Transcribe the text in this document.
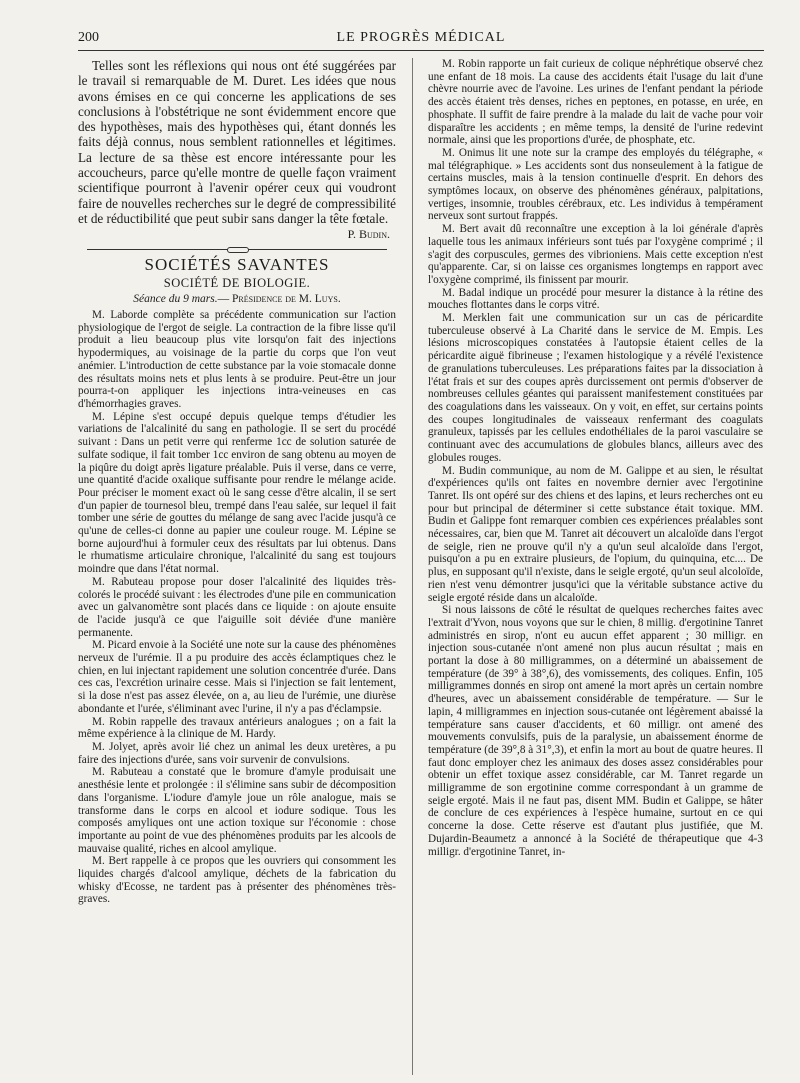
200	LE PROGRÈS MÉDICAL

Telles sont les réflexions qui nous ont été suggérées par le travail si remarquable de M. Duret. Les idées que nous avons émises en ce qui concerne les applications de ses conclusions à l'obstétrique ne sont évidemment encore que des hypothèses, mais des hypothèses qui, étant donnés les faits déjà connus, nous semblent rationnelles et légitimes. La lecture de sa thèse est encore intéressante pour les accoucheurs, parce qu'elle montre de quelle façon vraiment scientifique pourront à l'avenir opérer ceux qui voudront faire de nouvelles recherches sur le degré de compressibilité et de réductibilité que peut subir sans danger la tête fœtale.

P. Budin.
SOCIÉTÉS SAVANTES
SOCIÉTÉ DE BIOLOGIE.
Séance du 9 mars.— Présidence de M. Luys.

M. Laborde complète sa précédente communication sur l'action physiologique de l'ergot de seigle. La contraction de la fibre lisse qu'il produit a lieu beaucoup plus vite lorsqu'on fait des injections hypodermiques, au voisinage de la partie du corps que l'on veut anémier. L'introduction de cette substance par la voie stomacale donne des résultats moins nets et plus lents à se produire. Peut-être un jour pourra-t-on appliquer les injections intra-veineuses en cas d'hémorrhagies graves.

M. Lépine s'est occupé depuis quelque temps d'étudier les variations de l'alcalinité du sang en pathologie. Il se sert du procédé suivant : Dans un petit verre qui renferme 1cc de solution saturée de sulfate sodique, il fait tomber 1cc environ de sang obtenu au moyen de la piqûre du doigt après ligature préalable. Puis il verse, dans ce verre, une quantité d'acide oxalique suffisante pour rendre le mélange acide. Pour préciser le moment exact où le sang cesse d'être alcalin, il se sert d'un papier de tournesol bleu, trempé dans l'eau salée, sur lequel il fait tomber une série de gouttes du mélange de sang avec l'acide jusqu'à ce qu'une de celles-ci donne au papier une couleur rouge. M. Lépine se borne aujourd'hui à formuler ceux des résultats par lui obtenus. Dans le rhumatisme articulaire chronique, l'alcalinité du sang est toujours moindre que dans l'état normal.

M. Rabuteau propose pour doser l'alcalinité des liquides très-colorés le procédé suivant : les électrodes d'une pile en communication avec un galvanomètre sont placés dans ce liquide : on ajoute ensuite de l'acide jusqu'à ce que l'aiguille soit déviée d'une manière permanente.

M. Picard envoie à la Société une note sur la cause des phénomènes nerveux de l'urémie. Il a pu produire des accès éclamptiques chez le chien, en lui injectant rapidement une solution concentrée d'urée. Dans ces cas, l'excrétion urinaire cesse. Mais si l'injection se fait lentement, si la dose n'est pas assez élevée, on a, au lieu de l'urémie, une diurèse abondante et l'urée, s'éliminant avec l'urine, il n'y a pas d'éclampsie.

M. Robin rappelle des travaux antérieurs analogues ; on a fait la même expérience à la clinique de M. Hardy.

M. Jolyet, après avoir lié chez un animal les deux uretères, a pu faire des injections d'urée, sans voir survenir de convulsions.

M. Rabuteau a constaté que le bromure d'amyle produisait une anesthésie lente et prolongée : il s'élimine sans subir de décomposition dans l'organisme. L'iodure d'amyle joue un rôle analogue, mais se transforme dans le corps en alcool et iodure sodique. Tous les composés amyliques ont une action toxique sur l'économie : chose importante au point de vue des phénomènes produits par les alcools de mauvaise qualité, riches en alcool amylique.

M. Bert rappelle à ce propos que les ouvriers qui consomment les liquides chargés d'alcool amylique, déchets de la fabrication du whisky d'Ecosse, ne tardent pas à présenter des phénomènes très-graves.

M. Robin rapporte un fait curieux de colique néphrétique observé chez une enfant de 18 mois. La cause des accidents était l'usage du lait d'une chèvre nourrie avec de l'avoine. Les urines de l'enfant pendant la période des accès étaient très denses, riches en peptones, en potasse, en urée, en phosphate. Il suffit de faire prendre à la malade du lait de vache pour voir disparaître les accidents ; en même temps, la densité de l'urine redevint normale, ainsi que les proportions d'urée, de phosphate, etc.

M. Onimus lit une note sur la crampe des employés du télégraphe, « mal télégraphique. » Les accidents sont dus nonseulement à la fatigue de certains muscles, mais à la tension continuelle d'esprit. En dehors des symptômes locaux, on observe des phénomènes généraux, palpitations, vertiges, insomnie, troubles cérébraux, etc. Les individus à tempérament nerveux sont surtout frappés.

M. Bert avait dû reconnaître une exception à la loi générale d'après laquelle tous les animaux inférieurs sont tués par l'oxygène comprimé ; il s'agit des corpuscules, germes des vibrioniens. Mais cette exception n'est qu'apparente. Car, si on laisse ces organismes longtemps en rapport avec l'oxygène comprimé, ils finissent par mourir.

M. Badal indique un procédé pour mesurer la distance à la rétine des mouches flottantes dans le corps vitré.

M. Merklen fait une communication sur un cas de péricardite tuberculeuse observé à La Charité dans le service de M. Empis. Les lésions microscopiques constatées à l'autopsie étaient celles de la péricardite aiguë fibrineuse ; l'examen histologique y a révélé l'existence de granulations tuberculeuses. Les préparations faites par la dissociation à l'état frais et sur des coupes après durcissement ont permis d'observer de nombreuses cellules géantes qui paraissent manifestement constituées par des coagulations dans les vaisseaux. On y voit, en effet, sur certains points des coupes longitudinales de vaisseaux renfermant des coagulats granuleux, tapissés par les cellules endothéliales de la paroi vasculaire se continuant avec des accumulations de globules blancs, ailleurs avec des globules rouges.

M. Budin communique, au nom de M. Galippe et au sien, le résultat d'expériences qu'ils ont faites en novembre dernier avec l'ergotinine Tanret. Ils ont opéré sur des chiens et des lapins, et leurs recherches ont eu pour but principal de déterminer si cette substance était toxique. MM. Budin et Galippe font remarquer combien ces expériences préalables sont nécessaires, car, bien que M. Tanret ait découvert un alcaloïde dans l'ergot de seigle, rien ne prouve qu'il n'y a qu'un seul alcaloïde dans l'ergot, puisqu'on a pu en extraire plusieurs, de l'opium, du quinquina, etc.... De plus, en supposant qu'il n'existe, dans le seigle ergoté, qu'un seul alcoloïde, rien n'est venu démontrer jusqu'ici que la véritable substance active du seigle ergoté réside dans un alcaloïde.

Si nous laissons de côté le résultat de quelques recherches faites avec l'extrait d'Yvon, nous voyons que sur le chien, 8 millig. d'ergotinine Tanret administrés en sirop, n'ont eu aucun effet apparent ; 30 milligr. en injection sous-cutanée n'ont amené non plus aucun résultat ; mais en portant la dose à 80 milligrammes, on a déterminé un abaissement de température (de 39° à 38°,6), des vomissements, des coliques. Enfin, 105 milligrammes donnés en sirop ont amené la mort après un certain nombre d'heures, avec un abaissement considérable de température. — Sur le lapin, 4 milligrammes en injection sous-cutanée ont légèrement abaissé la température sans causer d'accidents, et 60 milligr. ont amené des mouvements convulsifs, puis de la paralysie, un abaissement énorme de température (de 39°,8 à 31°,3), et enfin la mort au bout de quatre heures. Il faut donc employer chez les animaux des doses assez considérables pour obtenir un effet toxique assez considérable, car M. Tanret regarde un milligramme de son ergotinine comme correspondant à un gramme de seigle ergoté. Mais il ne faut pas, disent MM. Budin et Galippe, se hâter de conclure de ces expériences à l'espèce humaine, surtout en ce qui concerne la dose. Cette réserve est d'autant plus justifiée, que M. Dujardin-Beaumetz a annoncé à la Société de thérapeutique que 4-3 milligr. d'ergotinine Tanret, in-
